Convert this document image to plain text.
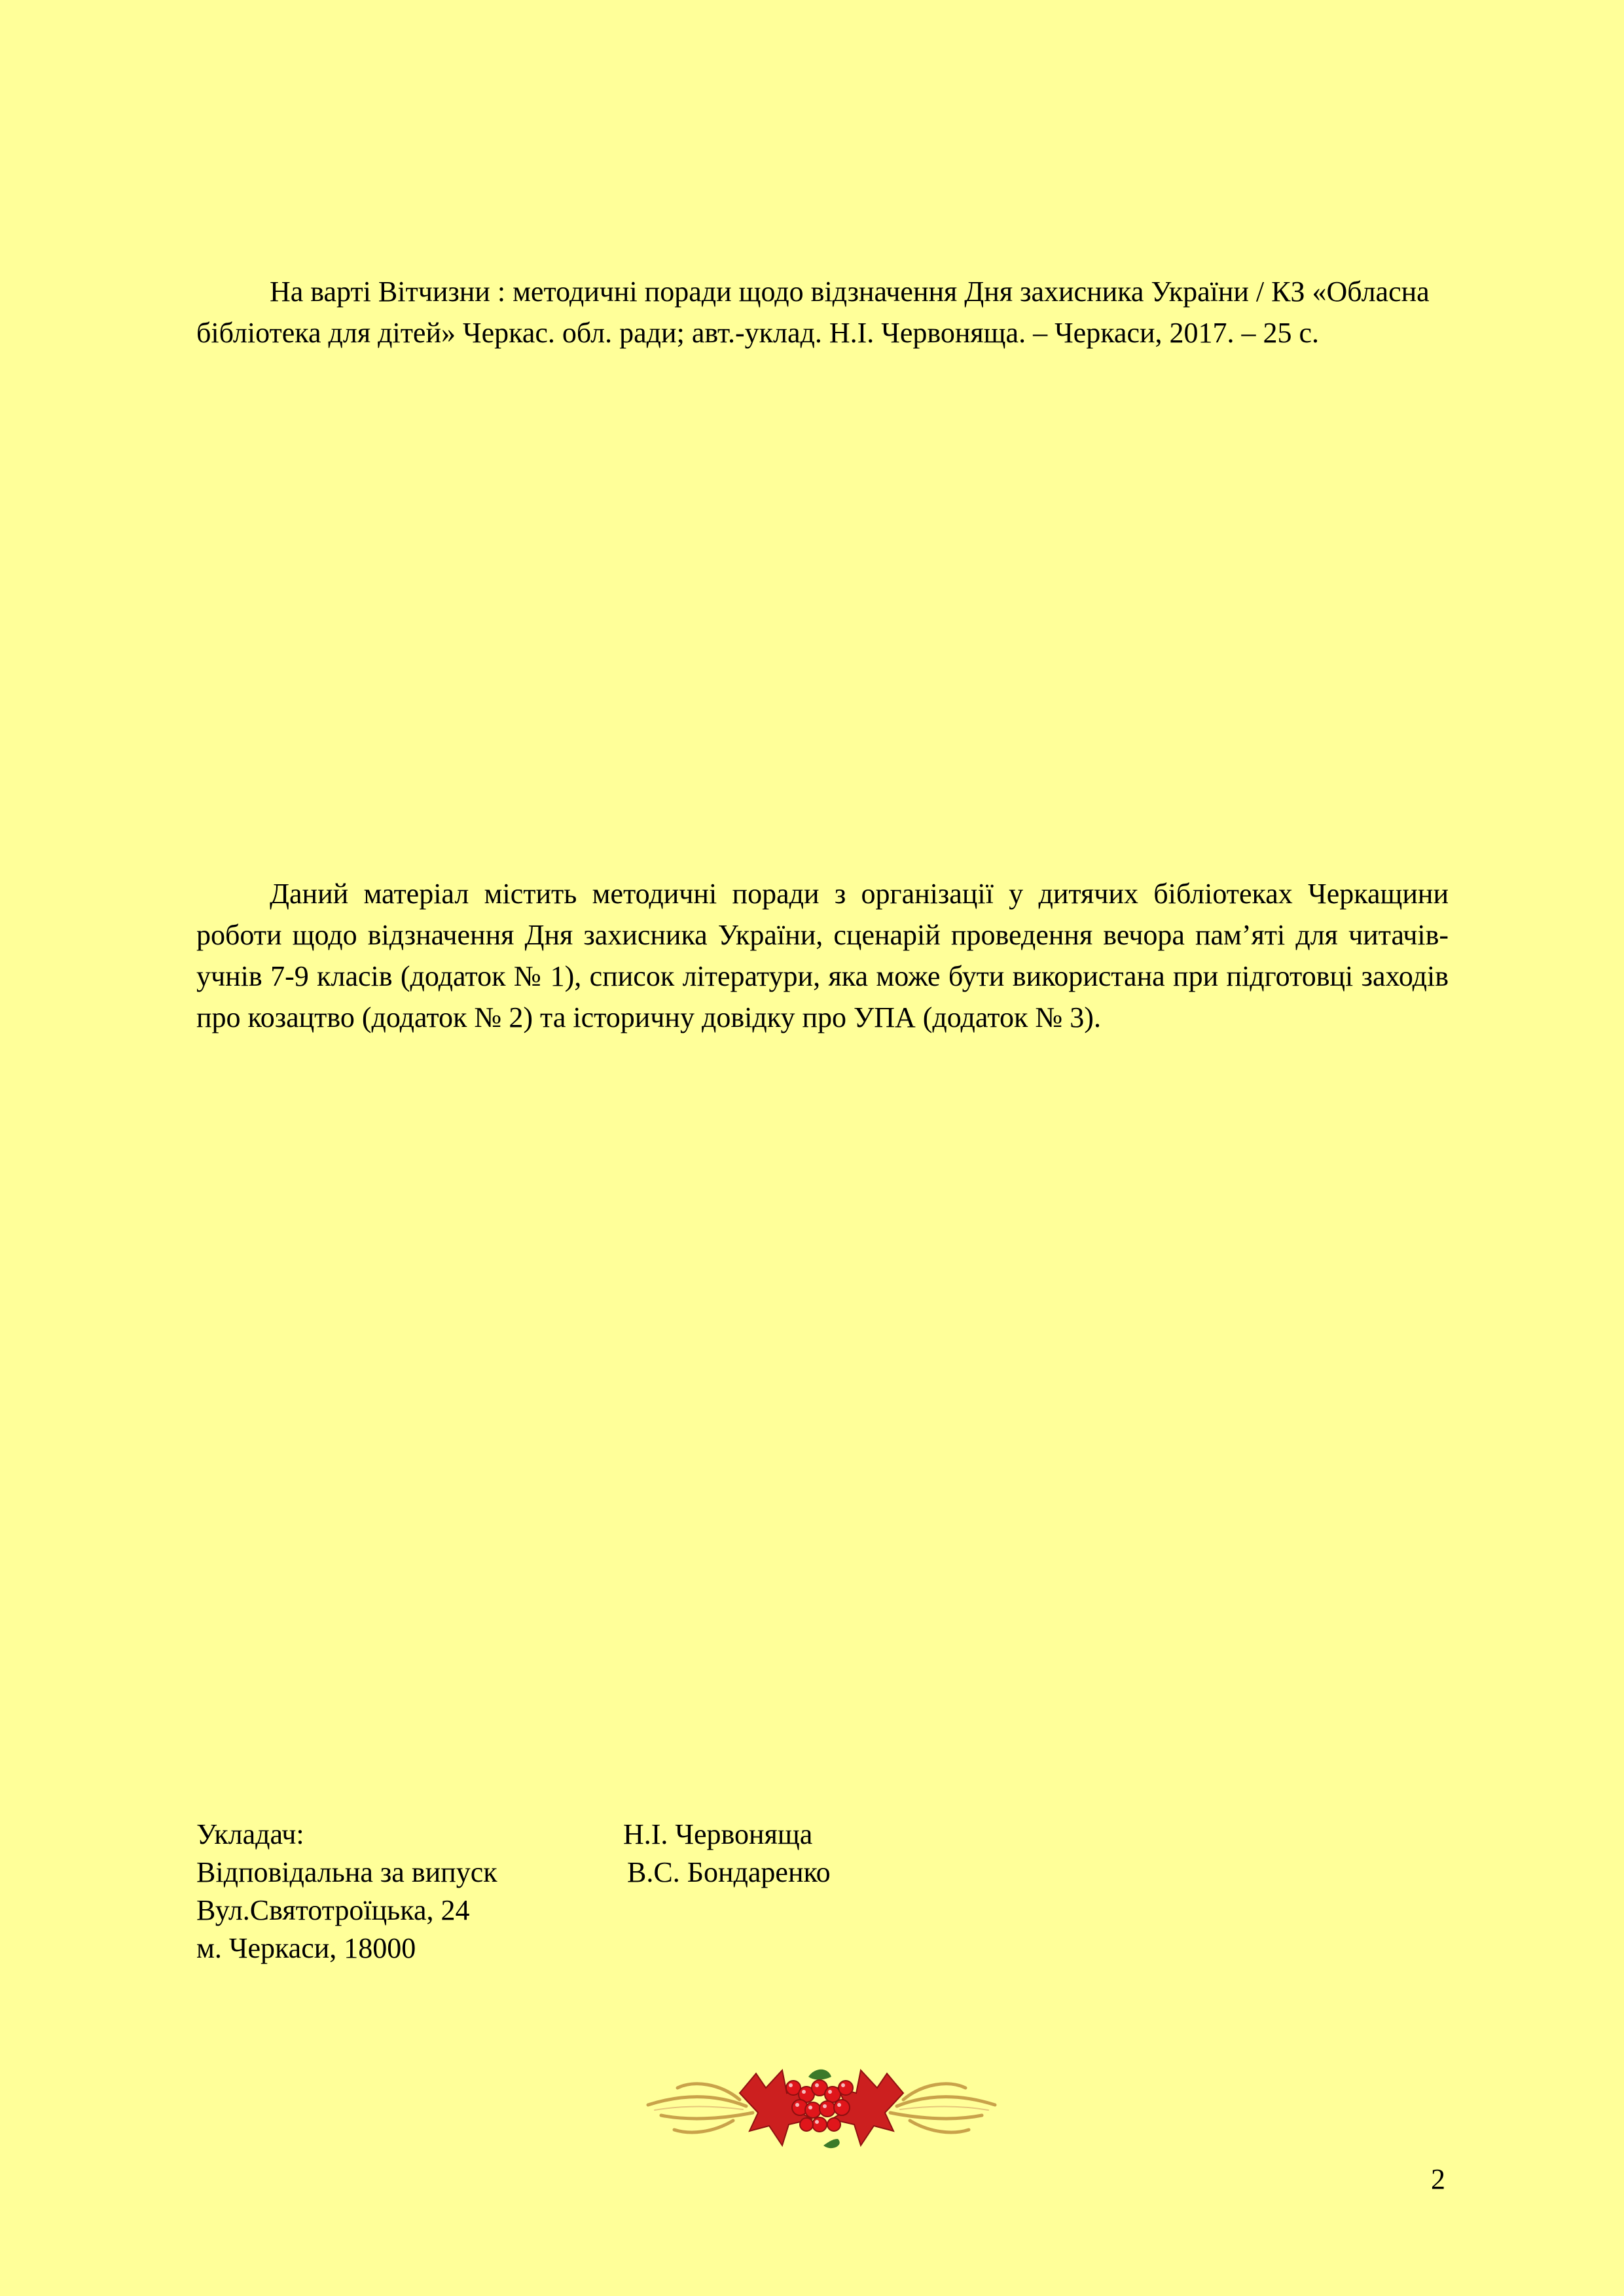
На варті Вітчизни : методичні поради щодо відзначення Дня захисника України / КЗ «Обласна бібліотека для дітей» Черкас. обл. ради; авт.-уклад. Н.І. Червоняща. – Черкаси, 2017. – 25 с.

Даний матеріал містить методичні поради з організації у дитячих бібліотеках Черкащини роботи щодо відзначення Дня захисника України, сценарій проведення вечора пам’яті для читачів-учнів 7-9 класів (додаток № 1), список літератури, яка може бути використана при підготовці заходів про козацтво (додаток № 2) та історичну довідку про УПА (додаток № 3).

Укладач:	Н.І. Червоняща
Відповідальна за випуск	В.С. Бондаренко
Вул.Святотроїцька, 24
м. Черкаси, 18000
2
